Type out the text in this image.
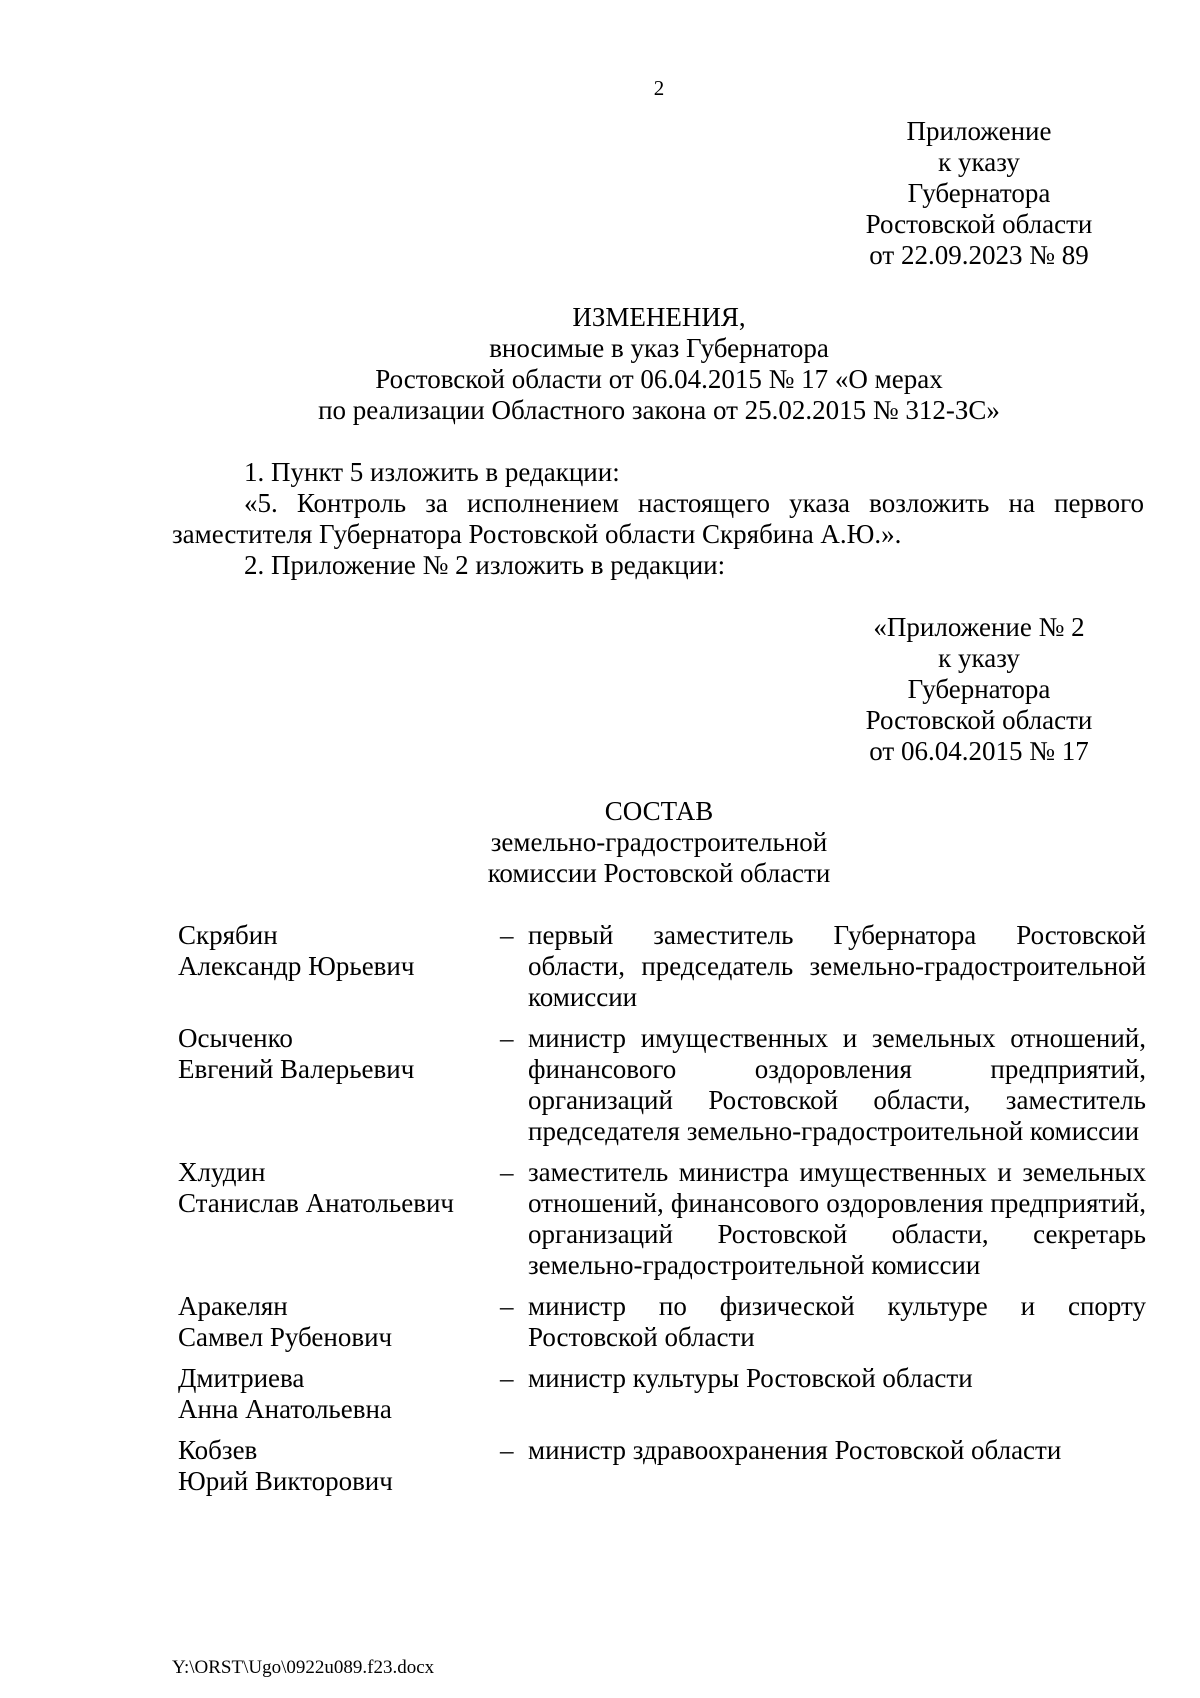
2
Приложение
к указу
Губернатора
Ростовской области
от 22.09.2023 № 89
ИЗМЕНЕНИЯ,
вносимые в указ Губернатора
Ростовской области от 06.04.2015 № 17 «О мерах
по реализации Областного закона от 25.02.2015 № 312-ЗС»

1. Пункт 5 изложить в редакции:

«5. Контроль за исполнением настоящего указа возложить на первого заместителя Губернатора Ростовской области Скрябина А.Ю.».

2. Приложение № 2 изложить в редакции:

«Приложение № 2
к указу
Губернатора
Ростовской области
от 06.04.2015 № 17
СОСТАВ
земельно-градостроительной
комиссии Ростовской области
Скрябин
Александр Юрьевич
– первый заместитель Губернатора Ростовской области, председатель земельно-градостроительной комиссии
Осыченко
Евгений Валерьевич
– министр имущественных и земельных отношений, финансового оздоровления предприятий, организаций Ростовской области, заместитель председателя земельно-градостроительной комиссии
Хлудин
Станислав Анатольевич
– заместитель министра имущественных и земельных отношений, финансового оздоровления предприятий, организаций Ростовской области, секретарь земельно-градостроительной комиссии
Аракелян
Самвел Рубенович
– министр по физической культуре и спорту Ростовской области
Дмитриева
Анна Анатольевна
– министр культуры Ростовской области
Кобзев
Юрий Викторович
– министр здравоохранения Ростовской области
Y:\ORST\Ugo\0922u089.f23.docx
